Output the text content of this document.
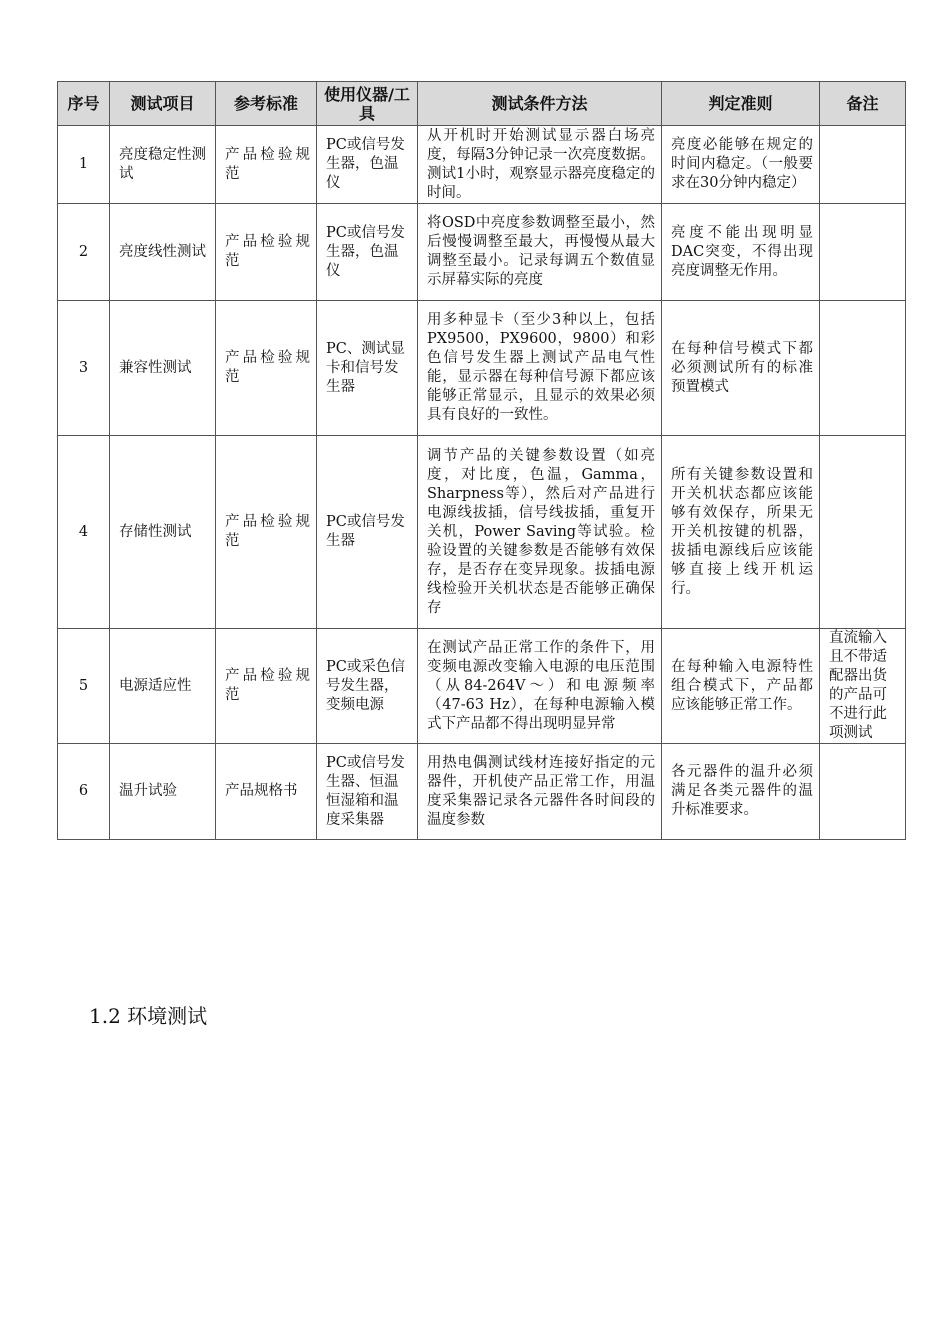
序号	测试项目	参考标准	使用仪器/工具	测试条件方法	判定准则	备注
1	亮度稳定性测试	产品检验规范	PC或信号发生器，色温仪	从开机时开始测试显示器白场亮度，每隔3分钟记录一次亮度数据。测试1小时，观察显示器亮度稳定的时间。	亮度必能够在规定的时间内稳定。（一般要求在30分钟内稳定）	

2	亮度线性测试	产品检验规范	PC或信号发生器，色温仪	将OSD中亮度参数调整至最小，然后慢慢调整至最大，再慢慢从最大调整至最小。记录每调五个数值显示屏幕实际的亮度	亮度不能出现明显DAC突变，不得出现亮度调整无作用。	

3	兼容性测试	产品检验规范	PC、测试显卡和信号发生器	用多种显卡（至少3种以上，包括PX9500，PX9600，9800）和彩色信号发生器上测试产品电气性能，显示器在每种信号源下都应该能够正常显示，且显示的效果必须具有良好的一致性。	在每种信号模式下都必须测试所有的标准预置模式	

4	存储性测试	产品检验规范	PC或信号发生器	调节产品的关键参数设置（如亮度，对比度，色温，Gamma，Sharpness等），然后对产品进行电源线拔插，信号线拔插，重复开关机，Power Saving等试验。检验设置的关键参数是否能够有效保存，是否存在变异现象。拔插电源线检验开关机状态是否能够正确保存	所有关键参数设置和开关机状态都应该能够有效保存，所果无开关机按键的机器，拔插电源线后应该能够直接上线开机运行。	

5	电源适应性	产品检验规范	PC或采色信号发生器，变频电源	在测试产品正常工作的条件下，用变频电源改变输入电源的电压范围（从84-264V～）和电源频率（47-63 Hz），在每种电源输入模式下产品都不得出现明显异常	在每种输入电源特性组合模式下，产品都应该能够正常工作。	直流输入且不带适配器出货的产品可不进行此项测试

6	温升试验	产品规格书	PC或信号发生器、恒温恒湿箱和温度采集器	用热电偶测试线材连接好指定的元器件，开机使产品正常工作，用温度采集器记录各元器件各时间段的温度参数	各元器件的温升必须满足各类元器件的温升标准要求。	

1.2 环境测试
